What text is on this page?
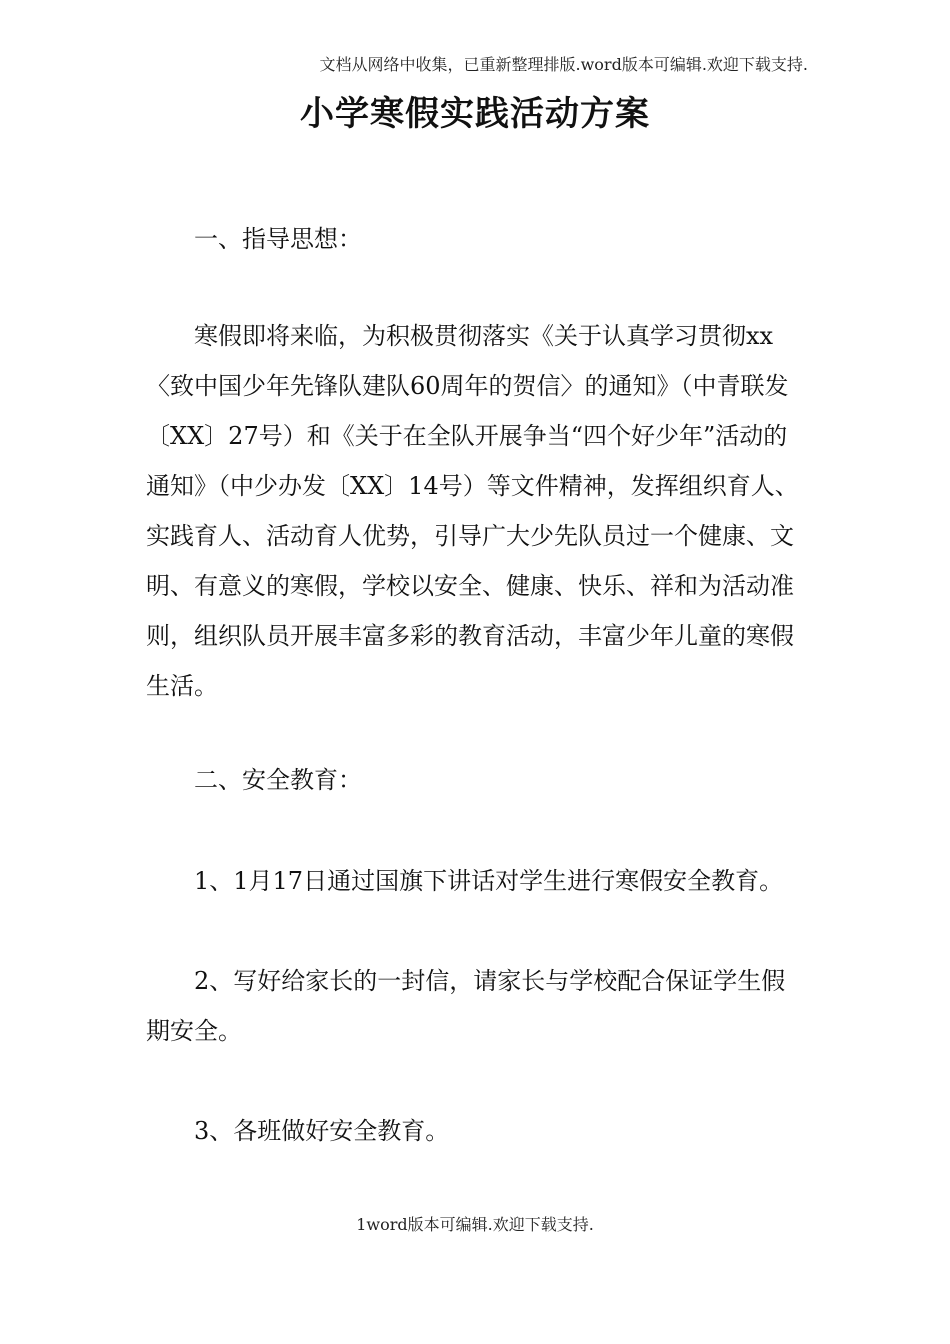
文档从网络中收集，已重新整理排版.word版本可编辑.欢迎下载支持.
小学寒假实践活动方案

一、指导思想：

寒假即将来临，为积极贯彻落实《关于认真学习贯彻xx〈致中国少年先锋队建队60周年的贺信〉的通知》（中青联发〔XX〕27号）和《关于在全队开展争当“四个好少年”活动的通知》（中少办发〔XX〕14号）等文件精神，发挥组织育人、实践育人、活动育人优势，引导广大少先队员过一个健康、文明、有意义的寒假，学校以安全、健康、快乐、祥和为活动准则，组织队员开展丰富多彩的教育活动，丰富少年儿童的寒假生活。

二、安全教育：

1、1月17日通过国旗下讲话对学生进行寒假安全教育。

2、写好给家长的一封信，请家长与学校配合保证学生假期安全。

3、各班做好安全教育。

1word版本可编辑.欢迎下载支持.
